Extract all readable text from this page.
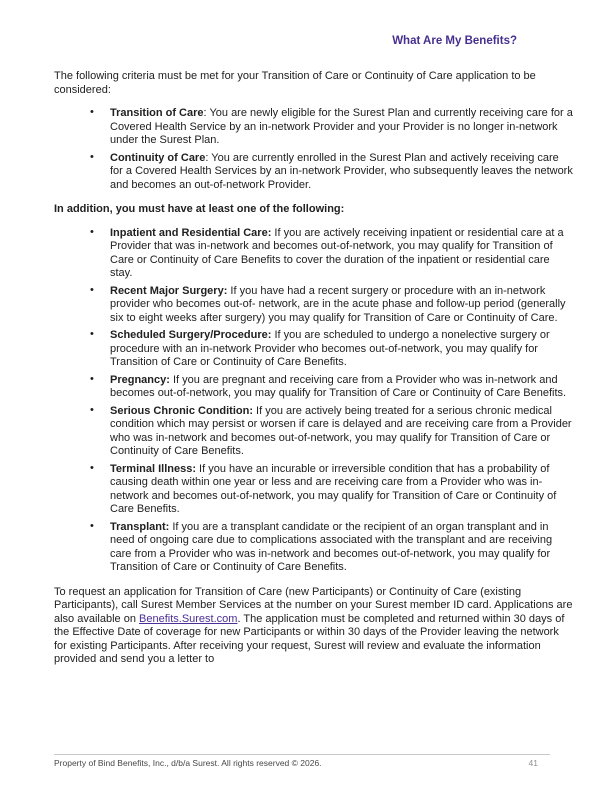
What Are My Benefits?

The following criteria must be met for your Transition of Care or Continuity of Care application to be considered:

• Transition of Care: You are newly eligible for the Surest Plan and currently receiving care for a Covered Health Service by an in-network Provider and your Provider is no longer in-network under the Surest Plan.
• Continuity of Care: You are currently enrolled in the Surest Plan and actively receiving care for a Covered Health Services by an in-network Provider, who subsequently leaves the network and becomes an out-of-network Provider.

In addition, you must have at least one of the following:

• Inpatient and Residential Care: If you are actively receiving inpatient or residential care at a Provider that was in-network and becomes out-of-network, you may qualify for Transition of Care or Continuity of Care Benefits to cover the duration of the inpatient or residential care stay.
• Recent Major Surgery: If you have had a recent surgery or procedure with an in-network provider who becomes out-of- network, are in the acute phase and follow-up period (generally six to eight weeks after surgery) you may qualify for Transition of Care or Continuity of Care.
• Scheduled Surgery/Procedure: If you are scheduled to undergo a nonelective surgery or procedure with an in-network Provider who becomes out-of-network, you may qualify for Transition of Care or Continuity of Care Benefits.
• Pregnancy: If you are pregnant and receiving care from a Provider who was in-network and becomes out-of-network, you may qualify for Transition of Care or Continuity of Care Benefits.
• Serious Chronic Condition: If you are actively being treated for a serious chronic medical condition which may persist or worsen if care is delayed and are receiving care from a Provider who was in-network and becomes out-of-network, you may qualify for Transition of Care or Continuity of Care Benefits.
• Terminal Illness: If you have an incurable or irreversible condition that has a probability of causing death within one year or less and are receiving care from a Provider who was in-network and becomes out-of-network, you may qualify for Transition of Care or Continuity of Care Benefits.
• Transplant: If you are a transplant candidate or the recipient of an organ transplant and in need of ongoing care due to complications associated with the transplant and are receiving care from a Provider who was in-network and becomes out-of-network, you may qualify for Transition of Care or Continuity of Care Benefits.

To request an application for Transition of Care (new Participants) or Continuity of Care (existing Participants), call Surest Member Services at the number on your Surest member ID card. Applications are also available on Benefits.Surest.com. The application must be completed and returned within 30 days of the Effective Date of coverage for new Participants or within 30 days of the Provider leaving the network for existing Participants. After receiving your request, Surest will review and evaluate the information provided and send you a letter to

Property of Bind Benefits, Inc., d/b/a Surest. All rights reserved © 2026.	41
